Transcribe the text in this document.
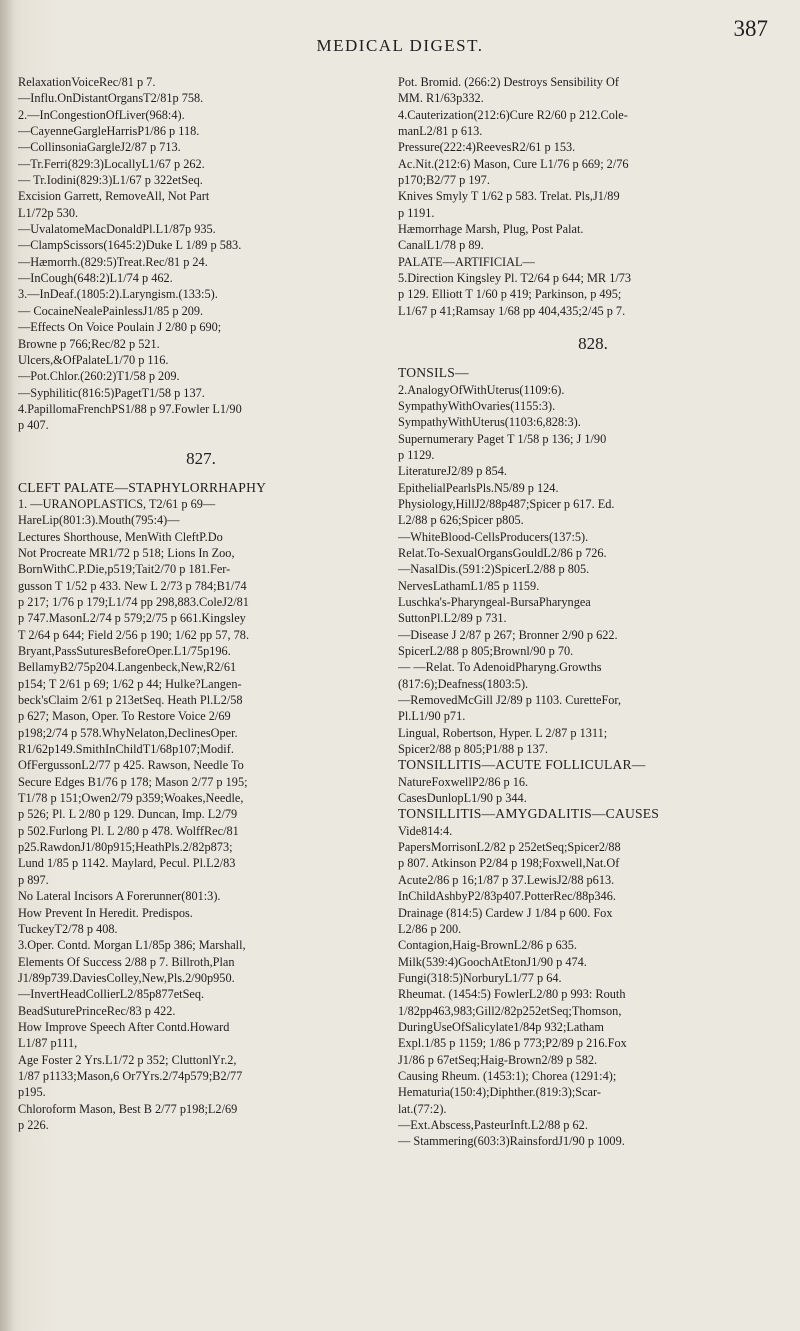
MEDICAL DIGEST.
387
RelaxationVoiceRec/81 p 7.
—Influ.OnDistantOrgansT2/81p 758.
2.—InCongestionOfLiver(968:4).
—CayenneGargleHarrisP1/86 p 118.
—CollinsoniaGargleJ2/87 p 713.
—Tr.Ferri(829:3)LocallyL1/67 p 262.
— Tr.Iodini(829:3)L1/67 p 322etSeq.
Excision Garrett, RemoveAll, Not Part
L1/72p 530.
—UvalatomeMacDonaldPl.L1/87p 935.
—ClampScissors(1645:2)Duke L 1/89 p 583.
—Hæmorrh.(829:5)Treat.Rec/81 p 24.
—InCough(648:2)L1/74 p 462.
3.—InDeaf.(1805:2).Laryngism.(133:5).
— CocaineNealePainlessJ1/85 p 209.
—Effects On Voice Poulain J 2/80 p 690;
Browne p 766;Rec/82 p 521.
Ulcers,&OfPalateL1/70 p 116.
—Pot.Chlor.(260:2)T1/58 p 209.
—Syphilitic(816:5)PagetT1/58 p 137.
4.PapillomaFrenchPS1/88 p 97.Fowler L1/90
p 407.
827.
CLEFT PALATE—STAPHYLORRHAPHY
1. —URANOPLASTICS, T2/61 p 69—
HareLip(801:3).Mouth(795:4)—
Lectures Shorthouse, MenWith CleftP.Do
Not Procreate MR1/72 p 518; Lions In Zoo,
BornWithC.P.Die,p519;Tait2/70 p 181.Fer-
gusson T 1/52 p 433. New L 2/73 p 784;B1/74
p 217; 1/76 p 179;L1/74 pp 298,883.ColeJ2/81
p 747.MasonL2/74 p 579;2/75 p 661.Kingsley
T 2/64 p 644; Field 2/56 p 190; 1/62 pp 57, 78.
Bryant,PassSuturesBeforeOper.L1/75p196.
BellamyB2/75p204.Langenbeck,New,R2/61
p154; T 2/61 p 69; 1/62 p 44; Hulke?Langen-
beck'sClaim 2/61 p 213etSeq. Heath Pl.L2/58
p 627; Mason, Oper. To Restore Voice 2/69
p198;2/74 p 578.WhyNelaton,DeclinesOper.
R1/62p149.SmithInChildT1/68p107;Modif.
OfFergussonL2/77 p 425. Rawson, Needle To
Secure Edges B1/76 p 178; Mason 2/77 p 195;
T1/78 p 151;Owen2/79 p359;Woakes,Needle,
p 526; Pl. L 2/80 p 129. Duncan, Imp. L2/79
p 502.Furlong Pl. L 2/80 p 478. WolffRec/81
p25.RawdonJ1/80p915;HeathPls.2/82p873;
Lund 1/85 p 1142. Maylard, Pecul. Pl.L2/83
p 897.
No Lateral Incisors A Forerunner(801:3).
How Prevent In Heredit. Predispos.
TuckeyT2/78 p 408.
3.Oper. Contd. Morgan L1/85p 386; Marshall,
Elements Of Success 2/88 p 7. Billroth,Plan
J1/89p739.DaviesColley,New,Pls.2/90p950.
—InvertHeadCollierL2/85p877etSeq.
BeadSuturePrinceRec/83 p 422.
How Improve Speech After Contd.Howard
L1/87 p111,
Age Foster 2 Yrs.L1/72 p 352; CluttonlYr.2,
1/87 p1133;Mason,6 Or7Yrs.2/74p579;B2/77
p195.
Chloroform Mason, Best B 2/77 p198;L2/69
p 226.
Pot. Bromid. (266:2) Destroys Sensibility Of
MM. R1/63p332.
4.Cauterization(212:6)Cure R2/60 p 212.Cole-
manL2/81 p 613.
Pressure(222:4)ReevesR2/61 p 153.
Ac.Nit.(212:6) Mason, Cure L1/76 p 669; 2/76
p170;B2/77 p 197.
Knives Smyly T 1/62 p 583. Trelat. Pls,J1/89
p 1191.
Hæmorrhage Marsh, Plug, Post Palat.
CanalL1/78 p 89.
PALATE—ARTIFICIAL—
5.Direction Kingsley Pl. T2/64 p 644; MR 1/73
p 129. Elliott T 1/60 p 419; Parkinson, p 495;
L1/67 p 41;Ramsay 1/68 pp 404,435;2/45 p 7.
828.
TONSILS—
2.AnalogyOfWithUterus(1109:6).
SympathyWithOvaries(1155:3).
SympathyWithUterus(1103:6,828:3).
Supernumerary Paget T 1/58 p 136; J 1/90
p 1129.
LiteratureJ2/89 p 854.
EpithelialPearlsPls.N5/89 p 124.
Physiology,HillJ2/88p487;Spicer p 617. Ed.
L2/88 p 626;Spicer p805.
—WhiteBlood-CellsProducers(137:5).
Relat.To-SexualOrgansGouldL2/86 p 726.
—NasalDis.(591:2)SpicerL2/88 p 805.
NervesLathamL1/85 p 1159.
Luschka's-Pharyngeal-BursaPharyngea
SuttonPl.L2/89 p 731.
—Disease J 2/87 p 267; Bronner 2/90 p 622.
SpicerL2/88 p 805;Brownl/90 p 70.
— —Relat. To AdenoidPharyng.Growths
(817:6);Deafness(1803:5).
—RemovedMcGill J2/89 p 1103. CuretteFor,
Pl.L1/90 p71.
Lingual, Robertson, Hyper. L 2/87 p 1311;
Spicer2/88 p 805;P1/88 p 137.
TONSILLITIS—ACUTE FOLLICULAR—
NatureFoxwellP2/86 p 16.
CasesDunlopL1/90 p 344.
TONSILLITIS—AMYGDALITIS—CAUSES
Vide814:4.
PapersMorrisonL2/82 p 252etSeq;Spicer2/88
p 807. Atkinson P2/84 p 198;Foxwell,Nat.Of
Acute2/86 p 16;1/87 p 37.LewisJ2/88 p613.
InChildAshbyP2/83p407.PotterRec/88p346.
Drainage (814:5) Cardew J 1/84 p 600. Fox
L2/86 p 200.
Contagion,Haig-BrownL2/86 p 635.
Milk(539:4)GoochAtEtonJ1/90 p 474.
Fungi(318:5)NorburyL1/77 p 64.
Rheumat. (1454:5) FowlerL2/80 p 993: Routh
1/82pp463,983;Gill2/82p252etSeq;Thomson,
DuringUseOfSalicylate1/84p 932;Latham
Expl.1/85 p 1159; 1/86 p 773;P2/89 p 216.Fox
J1/86 p 67etSeq;Haig-Brown2/89 p 582.
Causing Rheum. (1453:1); Chorea (1291:4);
Hematuria(150:4);Diphther.(819:3);Scar-
lat.(77:2).
—Ext.Abscess,PasteurInft.L2/88 p 62.
— Stammering(603:3)RainsfordJ1/90 p 1009.
